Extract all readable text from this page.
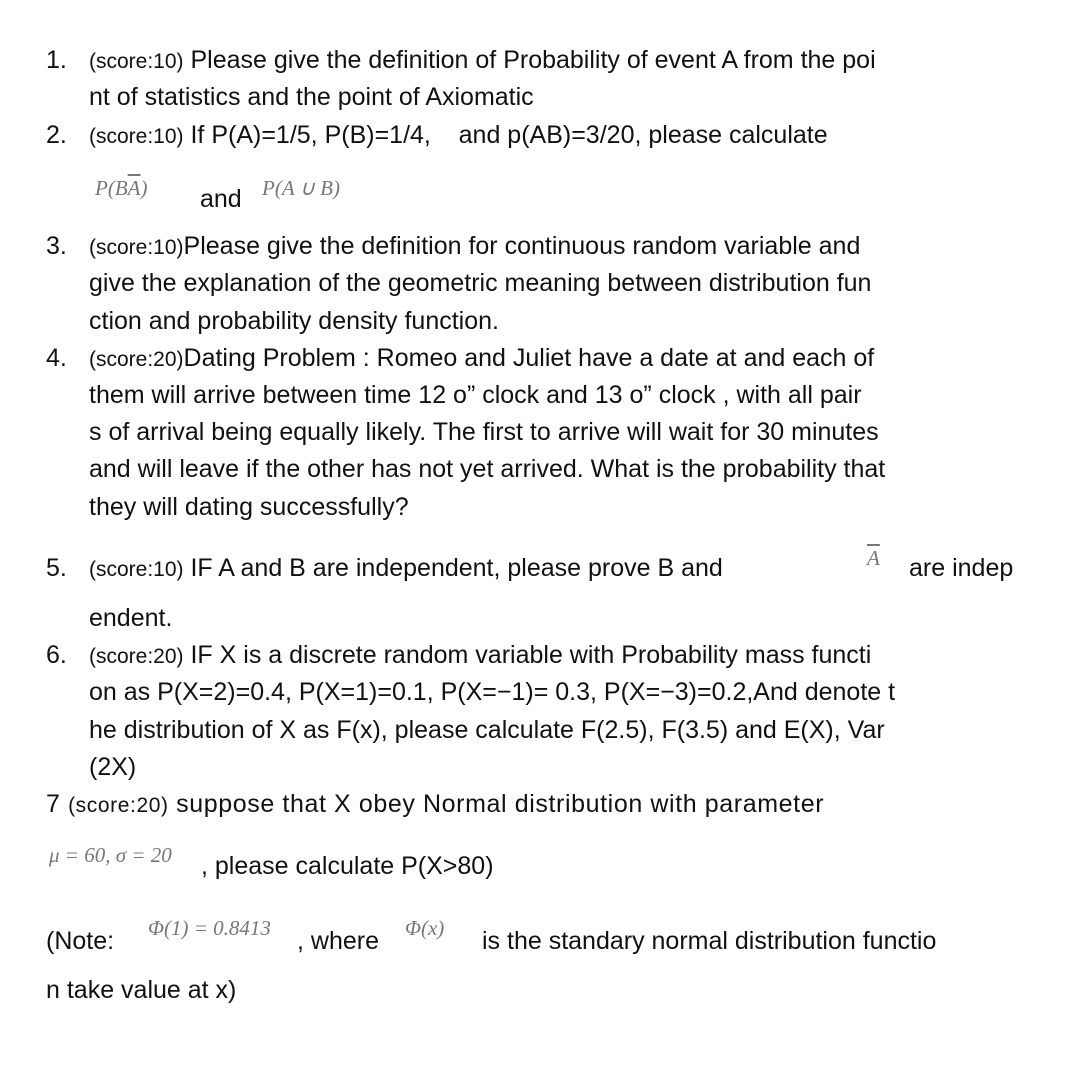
1. (score:10) Please give the definition of Probability of event A from the poi
nt of statistics and the point of Axiomatic
2. (score:10) If P(A)=1/5, P(B)=1/4,    and p(AB)=3/20, please calculate
$P(B\overline{A})$ and P(A ∪ B)
3. (score:10)Please give the definition for continuous random variable and
give the explanation of the geometric meaning between distribution fun
ction and probability density function.
4. (score:20)Dating Problem : Romeo and Juliet have a date at and each of
them will arrive between time 12 o” clock and 13 o” clock , with all pair
s of arrival being equally likely. The first to arrive will wait for 30 minutes
and will leave if the other has not yet arrived. What is the probability that
they will dating successfully?
5. (score:10) IF A and B are independent, please prove B and	$\overline{A}$ are indep
endent.
6. (score:20) IF X is a discrete random variable with Probability mass functi
on as P(X=2)=0.4, P(X=1)=0.1, P(X=−1)= 0.3, P(X=−3)=0.2,And denote t
he distribution of X as F(x), please calculate F(2.5), F(3.5) and E(X), Var
(2X)
7 (score:20) suppose that X obey Normal distribution with parameter
μ = 60, σ = 20 , please calculate P(X>80)
(Note: Φ(1) = 0.8413 , where Φ(x) is the standary normal distribution functio
n take value at x)
